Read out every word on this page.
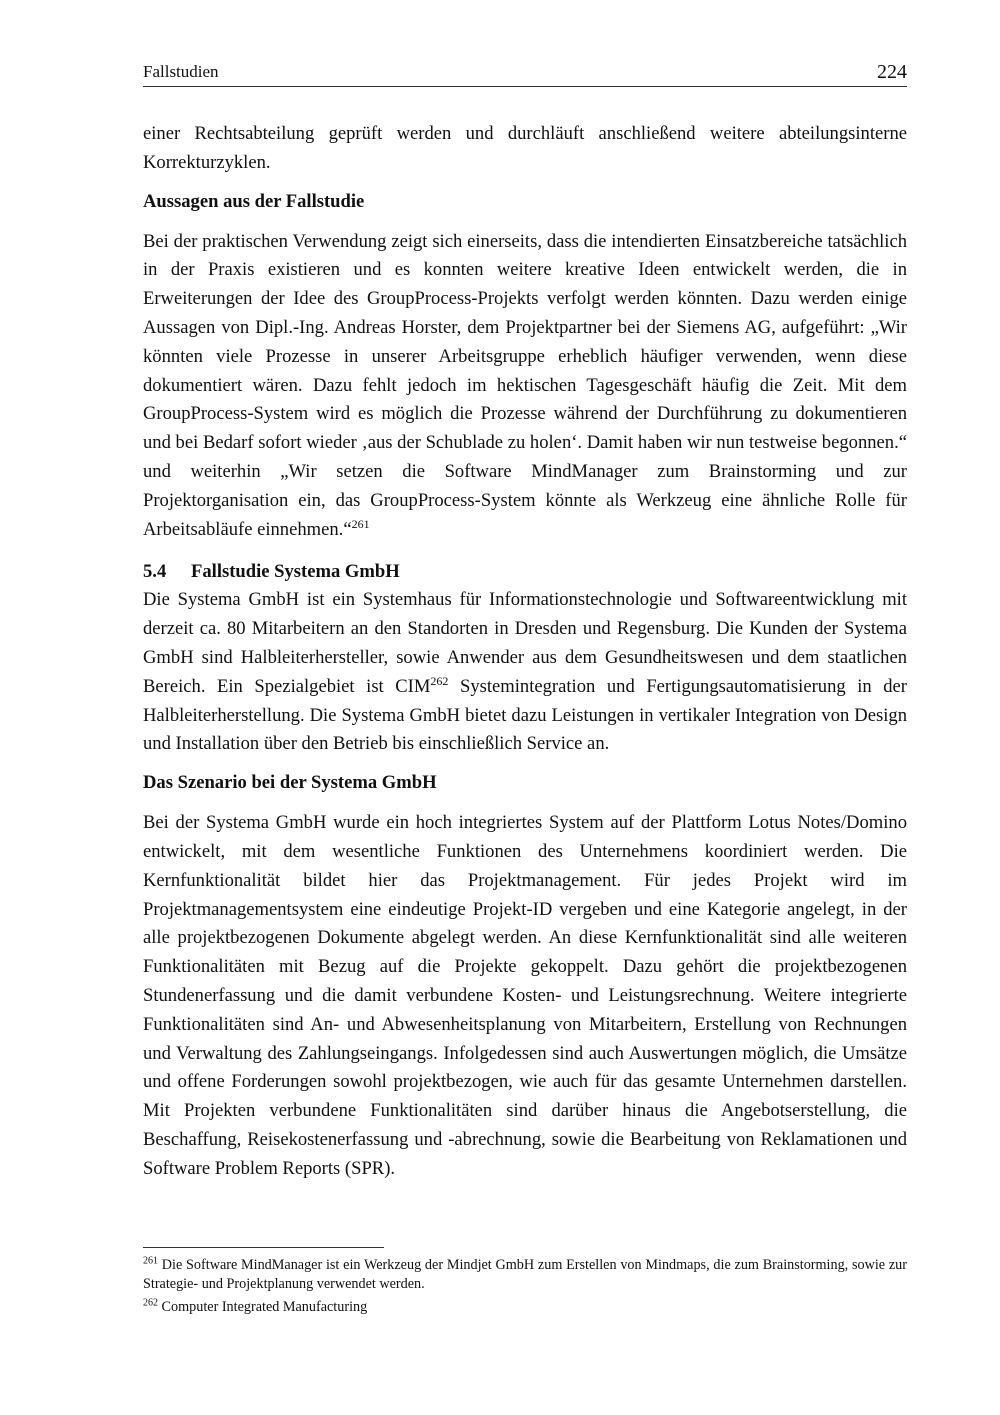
Fallstudien	224

einer Rechtsabteilung geprüft werden und durchläuft anschließend weitere abteilungsinterne Korrekturzyklen.

Aussagen aus der Fallstudie

Bei der praktischen Verwendung zeigt sich einerseits, dass die intendierten Einsatzbereiche tatsächlich in der Praxis existieren und es konnten weitere kreative Ideen entwickelt werden, die in Erweiterungen der Idee des GroupProcess-Projekts verfolgt werden könnten. Dazu werden einige Aussagen von Dipl.-Ing. Andreas Horster, dem Projektpartner bei der Siemens AG, aufgeführt: „Wir könnten viele Prozesse in unserer Arbeitsgruppe erheblich häufiger verwenden, wenn diese dokumentiert wären. Dazu fehlt jedoch im hektischen Tagesgeschäft häufig die Zeit. Mit dem GroupProcess-System wird es möglich die Prozesse während der Durchführung zu dokumentieren und bei Bedarf sofort wieder ‚aus der Schublade zu holen‘. Damit haben wir nun testweise begonnen.“ und weiterhin „Wir setzen die Software MindManager zum Brainstorming und zur Projektorganisation ein, das GroupProcess-System könnte als Werkzeug eine ähnliche Rolle für Arbeitsabläufe einnehmen.“$^{261}$

5.4 Fallstudie Systema GmbH

Die Systema GmbH ist ein Systemhaus für Informationstechnologie und Softwareentwicklung mit derzeit ca. 80 Mitarbeitern an den Standorten in Dresden und Regensburg. Die Kunden der Systema GmbH sind Halbleiterhersteller, sowie Anwender aus dem Gesundheitswesen und dem staatlichen Bereich. Ein Spezialgebiet ist CIM$^{262}$ Systemintegration und Fertigungsautomatisierung in der Halbleiterherstellung. Die Systema GmbH bietet dazu Leistungen in vertikaler Integration von Design und Installation über den Betrieb bis einschließlich Service an.

Das Szenario bei der Systema GmbH

Bei der Systema GmbH wurde ein hoch integriertes System auf der Plattform Lotus Notes/Domino entwickelt, mit dem wesentliche Funktionen des Unternehmens koordiniert werden. Die Kernfunktionalität bildet hier das Projektmanagement. Für jedes Projekt wird im Projektmanagementsystem eine eindeutige Projekt-ID vergeben und eine Kategorie angelegt, in der alle projektbezogenen Dokumente abgelegt werden. An diese Kernfunktionalität sind alle weiteren Funktionalitäten mit Bezug auf die Projekte gekoppelt. Dazu gehört die projektbezogenen Stundenerfassung und die damit verbundene Kosten- und Leistungsrechnung. Weitere integrierte Funktionalitäten sind An- und Abwesenheitsplanung von Mitarbeitern, Erstellung von Rechnungen und Verwaltung des Zahlungseingangs. Infolgedessen sind auch Auswertungen möglich, die Umsätze und offene Forderungen sowohl projektbezogen, wie auch für das gesamte Unternehmen darstellen. Mit Projekten verbundene Funktionalitäten sind darüber hinaus die Angebotserstellung, die Beschaffung, Reisekostenerfassung und -abrechnung, sowie die Bearbeitung von Reklamationen und Software Problem Reports (SPR).

$^{261}$ Die Software MindManager ist ein Werkzeug der Mindjet GmbH zum Erstellen von Mindmaps, die zum Brainstorming, sowie zur Strategie- und Projektplanung verwendet werden.

$^{262}$ Computer Integrated Manufacturing
